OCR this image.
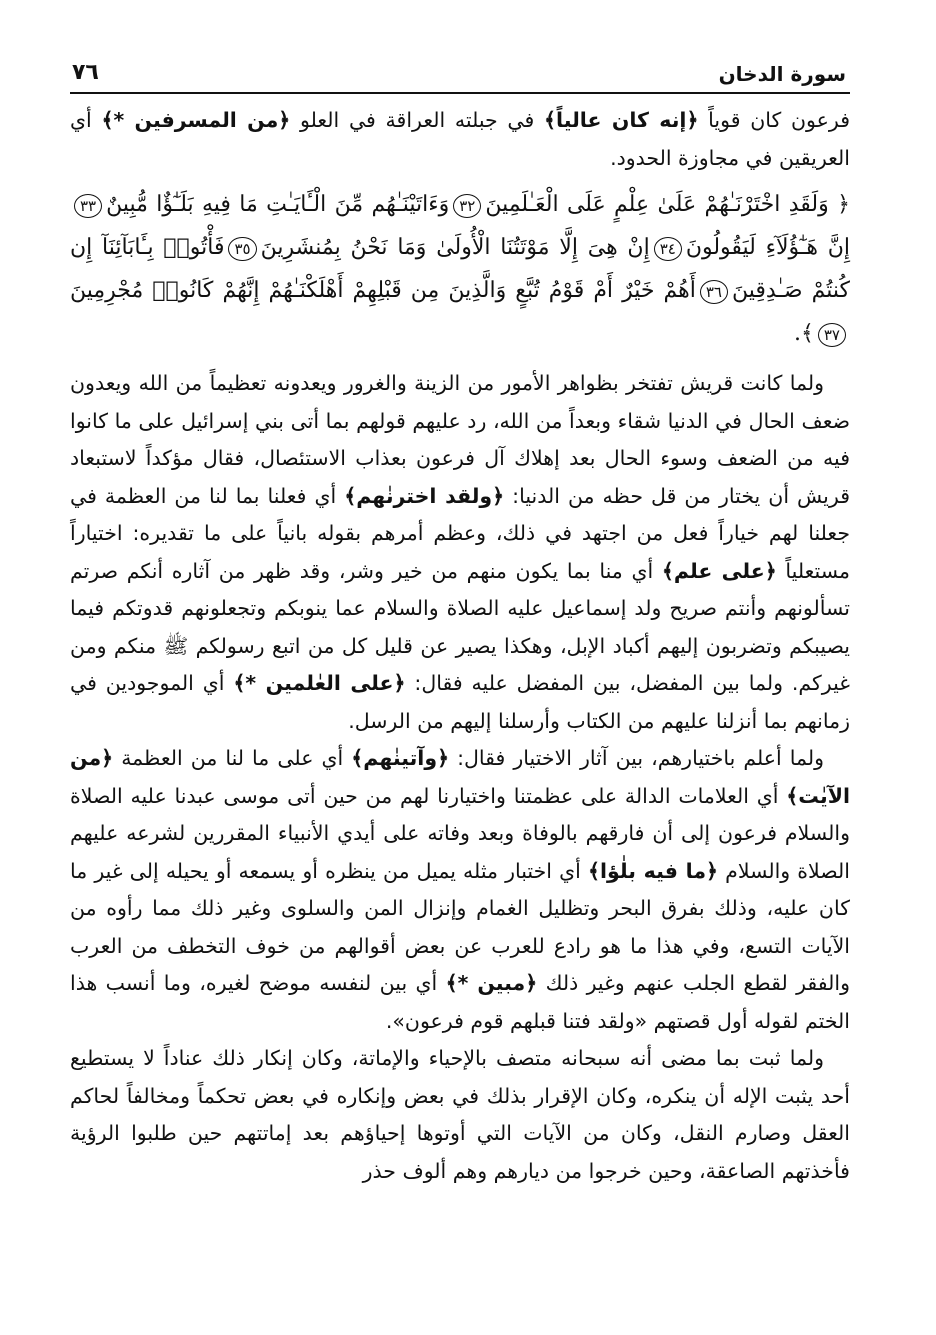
سورة الدخان
٧٦

فرعون كان قوياً ﴿إنه كان عالياً﴾ في جبلته العراقة في العلو ﴿من المسرفين *﴾ أي العريقين في مجاوزة الحدود.

﴿ وَلَقَدِ اخْتَرْنَـٰهُمْ عَلَىٰ عِلْمٍ عَلَى الْعَـٰلَمِينَ٣٢وَءَاتَيْنَـٰهُم مِّنَ الْـَٔايَـٰتِ مَا فِيهِ بَلَـٰٓؤٌا مُّبِينٌ٣٣إِنَّ هَـٰٓؤُلَآءِ لَيَقُولُونَ٣٤إِنْ هِىَ إِلَّا مَوْتَتُنَا الْأُولَىٰ وَمَا نَحْنُ بِمُنشَرِينَ٣٥فَأْتُوا۟ بِـَٔابَآئِنَآ إِن كُنتُمْ صَـٰدِقِينَ٣٦أَهُمْ خَيْرٌ أَمْ قَوْمُ تُبَّعٍ وَالَّذِينَ مِن قَبْلِهِمْ أَهْلَكْنَـٰهُمْ إِنَّهُمْ كَانُوا۟ مُجْرِمِينَ٣٧﴾.

ولما كانت قريش تفتخر بظواهر الأمور من الزينة والغرور ويعدونه تعظيماً من الله ويعدون ضعف الحال في الدنيا شقاء وبعداً من الله، رد عليهم قولهم بما أتى بني إسرائيل على ما كانوا فيه من الضعف وسوء الحال بعد إهلاك آل فرعون بعذاب الاستئصال، فقال مؤكداً لاستبعاد قريش أن يختار من قل حظه من الدنيا: ﴿ولقد اخترنٰهم﴾ أي فعلنا بما لنا من العظمة في جعلنا لهم خياراً فعل من اجتهد في ذلك، وعظم أمرهم بقوله بانياً على ما تقديره: اختياراً مستعلياً ﴿على علم﴾ أي منا بما يكون منهم من خير وشر، وقد ظهر من آثاره أنكم صرتم تسألونهم وأنتم صريح ولد إسماعيل عليه الصلاة والسلام عما ينوبكم وتجعلونهم قدوتكم فيما يصيبكم وتضربون إليهم أكباد الإبل، وهكذا يصير عن قليل كل من اتبع رسولكم ﷺ منكم ومن غيركم. ولما بين المفضل، بين المفضل عليه فقال: ﴿على العٰلمين *﴾ أي الموجودين في زمانهم بما أنزلنا عليهم من الكتاب وأرسلنا إليهم من الرسل.

ولما أعلم باختيارهم، بين آثار الاختيار فقال: ﴿وآتينٰهم﴾ أي على ما لنا من العظمة ﴿من الآيٰت﴾ أي العلامات الدالة على عظمتنا واختيارنا لهم من حين أتى موسى عبدنا عليه الصلاة والسلام فرعون إلى أن فارقهم بالوفاة وبعد وفاته على أيدي الأنبياء المقررين لشرعه عليهم الصلاة والسلام ﴿ما فيه بلٰؤا﴾ أي اختبار مثله يميل من ينظره أو يسمعه أو يحيله إلى غير ما كان عليه، وذلك بفرق البحر وتظليل الغمام وإنزال المن والسلوى وغير ذلك مما رأوه من الآيات التسع، وفي هذا ما هو رادع للعرب عن بعض أقوالهم من خوف التخطف من العرب والفقر لقطع الجلب عنهم وغير ذلك ﴿مبين *﴾ أي بين لنفسه موضح لغيره، وما أنسب هذا الختم لقوله أول قصتهم «ولقد فتنا قبلهم قوم فرعون».

ولما ثبت بما مضى أنه سبحانه متصف بالإحياء والإماتة، وكان إنكار ذلك عناداً لا يستطيع أحد يثبت الإله أن ينكره، وكان الإقرار بذلك في بعض وإنكاره في بعض تحكماً ومخالفاً لحاكم العقل وصارم النقل، وكان من الآيات التي أوتوها إحياؤهم بعد إماتتهم حين طلبوا الرؤية فأخذتهم الصاعقة، وحين خرجوا من ديارهم وهم ألوف حذر
